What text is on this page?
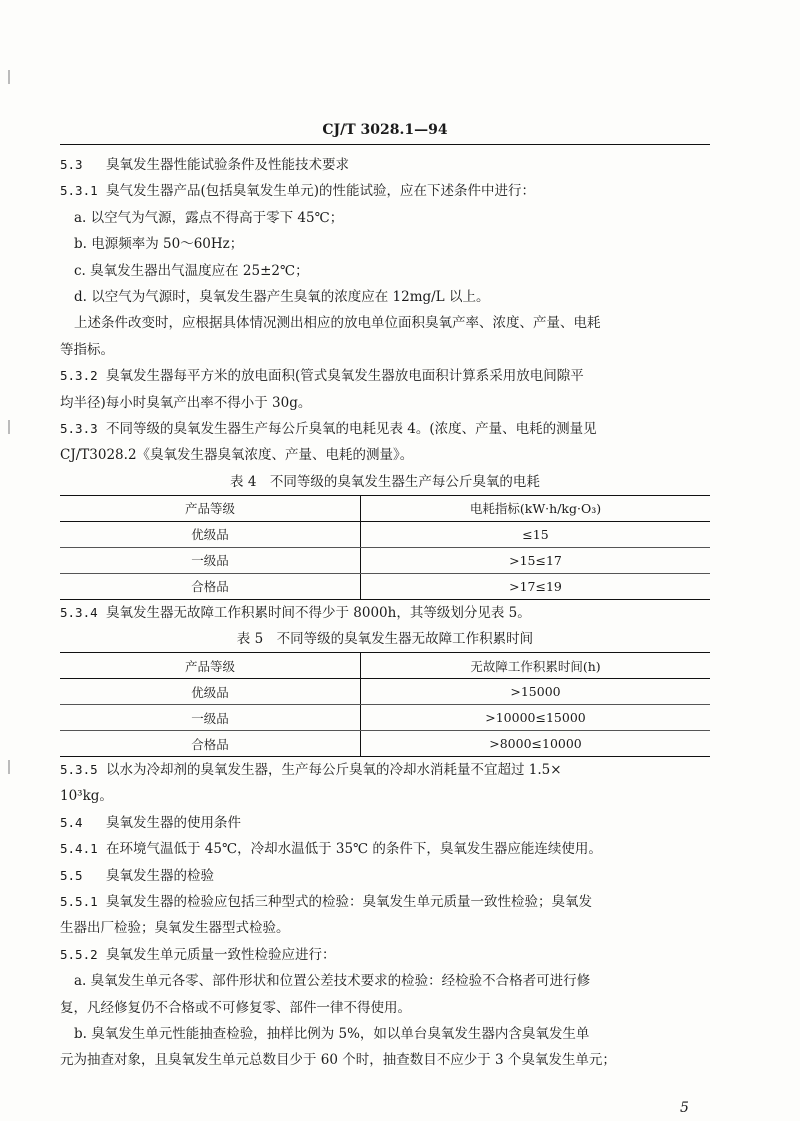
CJ/T 3028.1—94
5.3 臭氧发生器性能试验条件及性能技术要求
5.3.1 臭气发生器产品(包括臭氧发生单元)的性能试验，应在下述条件中进行：
a. 以空气为气源，露点不得高于零下 45℃；
b. 电源频率为 50～60Hz；
c. 臭氧发生器出气温度应在 25±2℃；
d. 以空气为气源时，臭氧发生器产生臭氧的浓度应在 12mg/L 以上。
上述条件改变时，应根据具体情况测出相应的放电单位面积臭氧产率、浓度、产量、电耗
等指标。
5.3.2 臭氧发生器每平方米的放电面积(管式臭氧发生器放电面积计算系采用放电间隙平
均半径)每小时臭氧产出率不得小于 30g。
5.3.3 不同等级的臭氧发生器生产每公斤臭氧的电耗见表 4。(浓度、产量、电耗的测量见
CJ/T3028.2《臭氧发生器臭氧浓度、产量、电耗的测量》。
表 4　不同等级的臭氧发生器生产每公斤臭氧的电耗
产品等级	电耗指标(kW·h/kg·O₃)
优级品	≤15
一级品	>15≤17
合格品	>17≤19
5.3.4 臭氧发生器无故障工作积累时间不得少于 8000h，其等级划分见表 5。
表 5　不同等级的臭氧发生器无故障工作积累时间
产品等级	无故障工作积累时间(h)
优级品	>15000
一级品	>10000≤15000
合格品	>8000≤10000
5.3.5 以水为冷却剂的臭氧发生器，生产每公斤臭氧的冷却水消耗量不宜超过 1.5×
10³kg。
5.4 臭氧发生器的使用条件
5.4.1 在环境气温低于 45℃，冷却水温低于 35℃ 的条件下，臭氧发生器应能连续使用。
5.5 臭氧发生器的检验
5.5.1 臭氧发生器的检验应包括三种型式的检验：臭氧发生单元质量一致性检验；臭氧发
生器出厂检验；臭氧发生器型式检验。
5.5.2 臭氧发生单元质量一致性检验应进行：
a. 臭氧发生单元各零、部件形状和位置公差技术要求的检验：经检验不合格者可进行修
复，凡经修复仍不合格或不可修复零、部件一律不得使用。
b. 臭氧发生单元性能抽查检验，抽样比例为 5%，如以单台臭氧发生器内含臭氧发生单
元为抽查对象，且臭氧发生单元总数目少于 60 个时，抽查数目不应少于 3 个臭氧发生单元；
5
